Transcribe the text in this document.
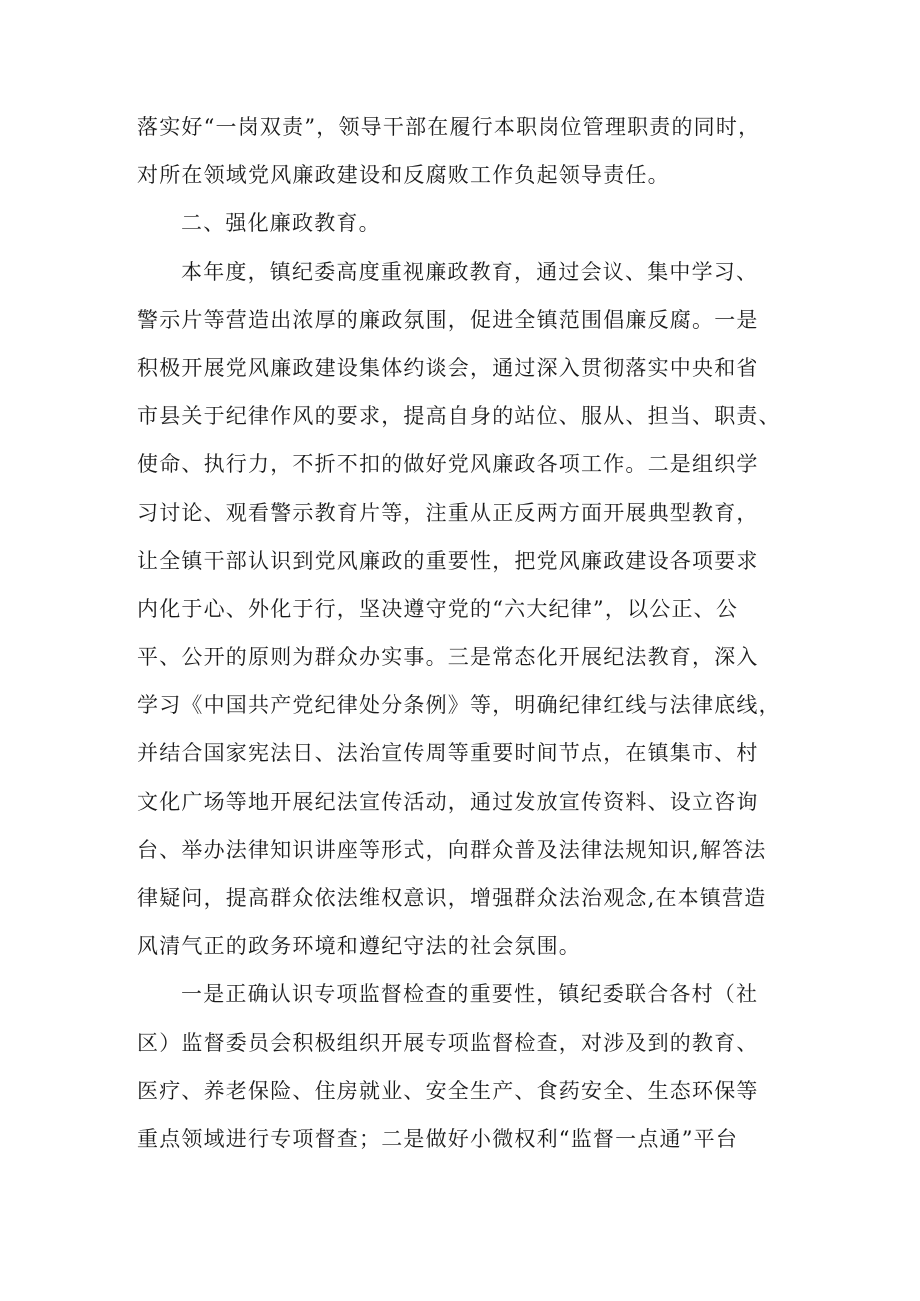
落实好“一岗双责”，领导干部在履行本职岗位管理职责的同时，
对所在领域党风廉政建设和反腐败工作负起领导责任。
二、强化廉政教育。
本年度，镇纪委高度重视廉政教育，通过会议、集中学习、
警示片等营造出浓厚的廉政氛围，促进全镇范围倡廉反腐。一是
积极开展党风廉政建设集体约谈会，通过深入贯彻落实中央和省
市县关于纪律作风的要求，提高自身的站位、服从、担当、职责、
使命、执行力，不折不扣的做好党风廉政各项工作。二是组织学
习讨论、观看警示教育片等，注重从正反两方面开展典型教育，
让全镇干部认识到党风廉政的重要性，把党风廉政建设各项要求
内化于心、外化于行，坚决遵守党的“六大纪律”，以公正、公
平、公开的原则为群众办实事。三是常态化开展纪法教育，深入
学习《中国共产党纪律处分条例》等，明确纪律红线与法律底线，
并结合国家宪法日、法治宣传周等重要时间节点，在镇集市、村
文化广场等地开展纪法宣传活动，通过发放宣传资料、设立咨询
台、举办法律知识讲座等形式，向群众普及法律法规知识,解答法
律疑问，提高群众依法维权意识，增强群众法治观念,在本镇营造
风清气正的政务环境和遵纪守法的社会氛围。
一是正确认识专项监督检查的重要性，镇纪委联合各村（社
区）监督委员会积极组织开展专项监督检查，对涉及到的教育、
医疗、养老保险、住房就业、安全生产、食药安全、生态环保等
重点领域进行专项督查；二是做好小微权利“监督一点通”平台
